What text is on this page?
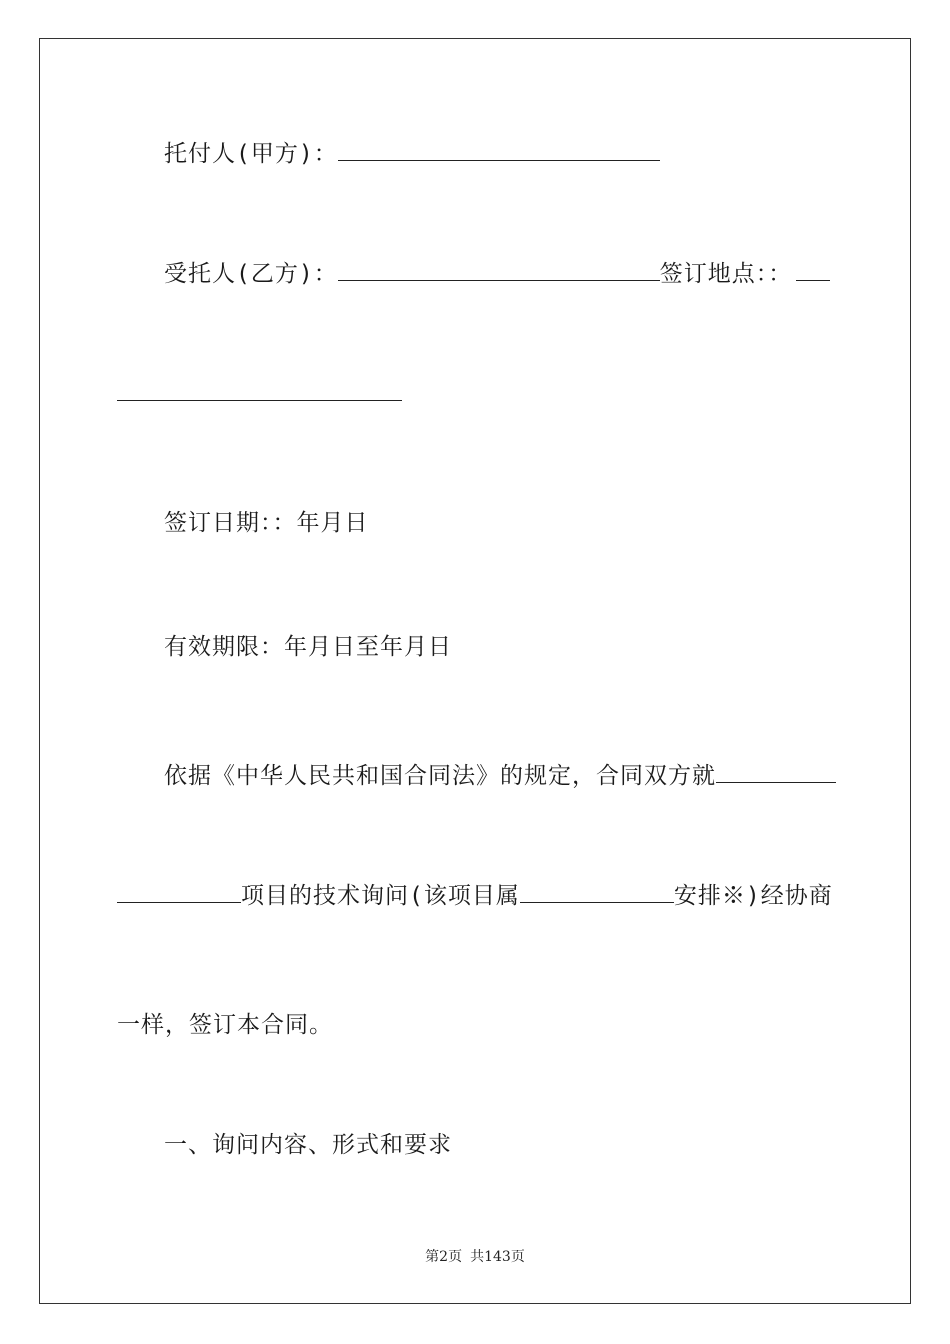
托付人(甲方)：
受托人(乙方)：	签订地点：：
签订日期：：年月日
有效期限：年月日至年月日
依据《中华人民共和国合同法》的规定，合同双方就
项目的技术询问(该项目属	安排※)经协商
一样，签订本合同。
一、询问内容、形式和要求
第2页 共143页
